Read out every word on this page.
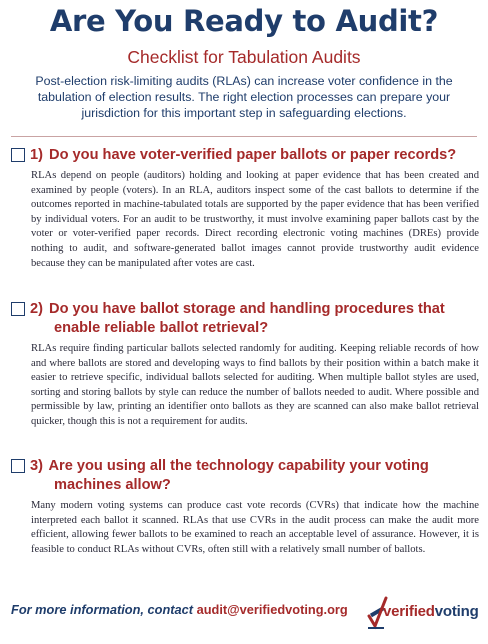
Are You Ready to Audit?
Checklist for Tabulation Audits
Post-election risk-limiting audits (RLAs) can increase voter confidence in the tabulation of election results. The right election processes can prepare your jurisdiction for this important step in safeguarding elections.
1) Do you have voter-verified paper ballots or paper records?
RLAs depend on people (auditors) holding and looking at paper evidence that has been created and examined by people (voters). In an RLA, auditors inspect some of the cast ballots to determine if the outcomes reported in machine-tabulated totals are supported by the paper evidence that has been verified by individual voters. For an audit to be trustworthy, it must involve examining paper ballots cast by the voter or voter-verified paper records. Direct recording electronic voting machines (DREs) provide nothing to audit, and software-generated ballot images cannot provide trustworthy audit evidence because they can be manipulated after votes are cast.
2) Do you have ballot storage and handling procedures that
enable reliable ballot retrieval?
RLAs require finding particular ballots selected randomly for auditing. Keeping reliable records of how and where ballots are stored and developing ways to find ballots by their position within a batch make it easier to retrieve specific, individual ballots selected for auditing. When multiple ballot styles are used, sorting and storing ballots by style can reduce the number of ballots needed to audit. Where possible and permissible by law, printing an identifier onto ballots as they are scanned can also make ballot retrieval quicker, though this is not a requirement for audits.
3) Are you using all the technology capability your voting
machines allow?
Many modern voting systems can produce cast vote records (CVRs) that indicate how the machine interpreted each ballot it scanned. RLAs that use CVRs in the audit process can make the audit more efficient, allowing fewer ballots to be examined to reach an acceptable level of assurance. However, it is feasible to conduct RLAs without CVRs, often still with a relatively small number of ballots.
For more information, contact audit@verifiedvoting.org verifiedvoting
